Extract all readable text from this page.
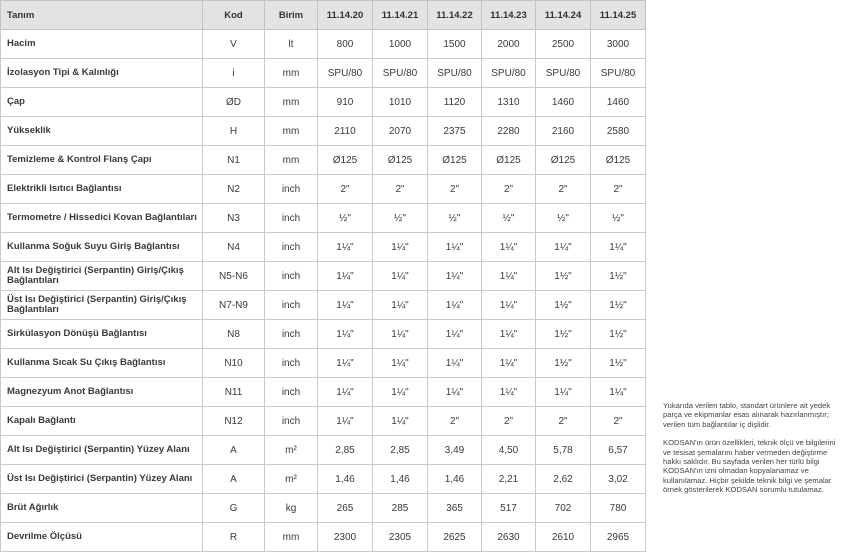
Tanım	Kod	Birim	11.14.20	11.14.21	11.14.22	11.14.23	11.14.24	11.14.25
Hacim	V	lt	800	1000	1500	2000	2500	3000
İzolasyon Tipi & Kalınlığı	i	mm	SPU/80	SPU/80	SPU/80	SPU/80	SPU/80	SPU/80
Çap	ØD	mm	910	1010	1120	1310	1460	1460
Yükseklik	H	mm	2110	2070	2375	2280	2160	2580
Temizleme & Kontrol Flanş Çapı	N1	mm	Ø125	Ø125	Ø125	Ø125	Ø125	Ø125
Elektrikli Isıtıcı Bağlantısı	N2	inch	2"	2"	2"	2"	2"	2"
Termometre / Hissedici Kovan Bağlantıları	N3	inch	½"	½"	½"	½"	½"	½"
Kullanma Soğuk Suyu Giriş Bağlantısı	N4	inch	1¼"	1¼"	1¼"	1¼"	1¼"	1¼"
Alt Isı Değiştirici (Serpantin) Giriş/Çıkış Bağlantıları	N5-N6	inch	1¼"	1¼"	1¼"	1¼"	1½"	1½"
Üst Isı Değiştirici (Serpantin) Giriş/Çıkış Bağlantıları	N7-N9	inch	1¼"	1¼"	1¼"	1¼"	1½"	1½"
Sirkülasyon Dönüşü Bağlantısı	N8	inch	1¼"	1¼"	1¼"	1¼"	1½"	1½"
Kullanma Sıcak Su Çıkış Bağlantısı	N10	inch	1¼"	1¼"	1¼"	1¼"	1½"	1½"
Magnezyum Anot Bağlantısı	N11	inch	1¼"	1¼"	1¼"	1¼"	1¼"	1¼"
Kapalı Bağlantı	N12	inch	1¼"	1¼"	2"	2"	2"	2"
Alt Isı Değiştirici (Serpantin) Yüzey Alanı	A	m²	2,85	2,85	3,49	4,50	5,78	6,57
Üst Isı Değiştirici (Serpantin) Yüzey Alanı	A	m²	1,46	1,46	1,46	2,21	2,62	3,02
Brüt Ağırlık	G	kg	265	285	365	517	702	780
Devrilme Ölçüsü	R	mm	2300	2305	2625	2630	2610	2965

Yukarıda verilen tablo, standart ürünlere ait yedek parça ve ekipmanlar esas alınarak hazırlanmıştır; verilen tüm bağlantılar iç dişlidir.

KODSAN'ın ürün özellikleri, teknik ölçü ve bilgilerini ve tesisat şemalarını haber vermeden değiştirme hakkı saklıdır. Bu sayfada verilen her türlü bilgi KODSAN'ın izni olmadan kopyalanamaz ve kullanılamaz. Hiçbir şekilde teknik bilgi ve şemalar örnek gösterilerek KODSAN sorumlu tutulamaz.
